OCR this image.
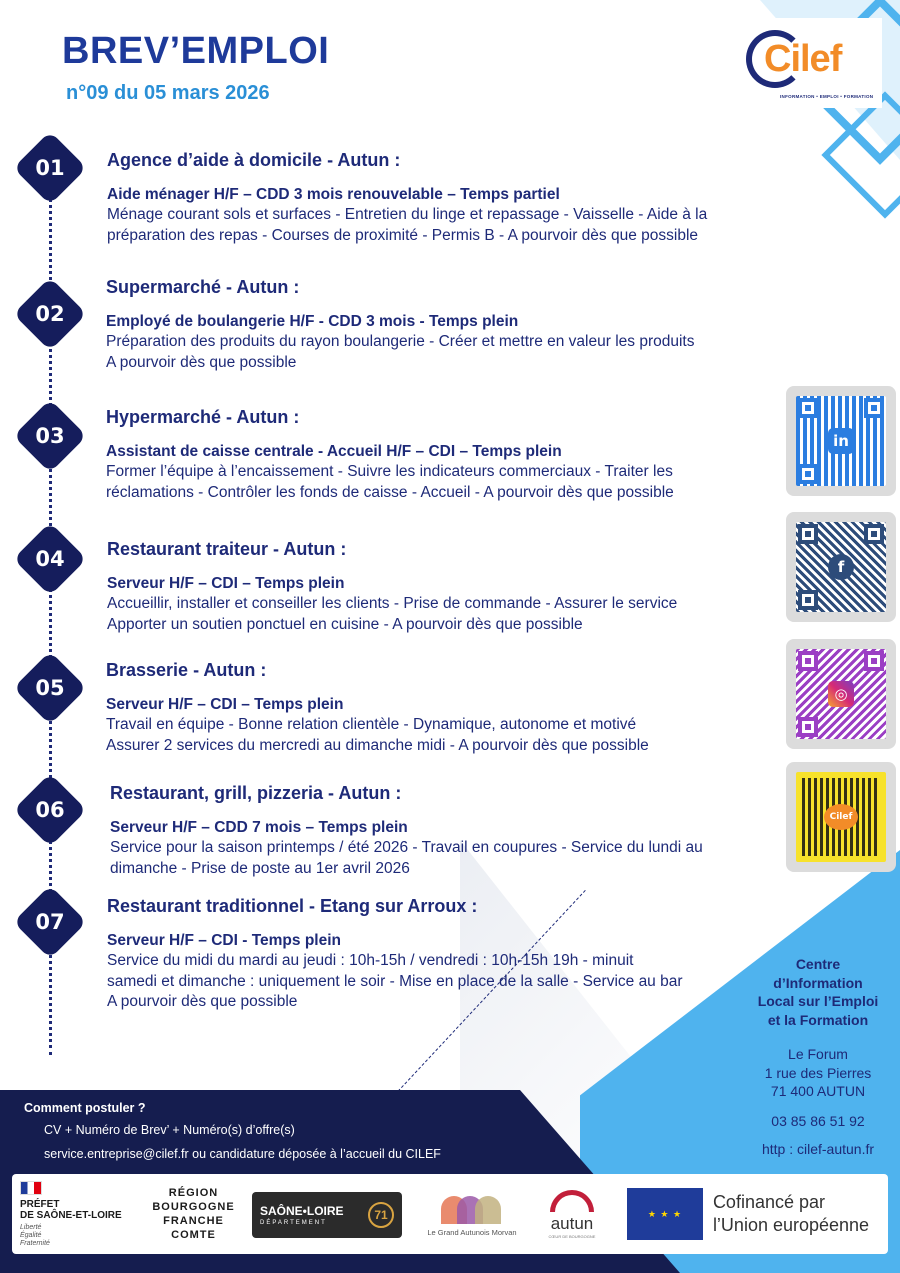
BREV’EMPLOI
n°09 du 05 mars 2026
Cilef
INFORMATION • EMPLOI • FORMATION
01	Agence d’aide à domicile - Autun :
Aide ménager H/F – CDD 3 mois renouvelable – Temps partiel
Ménage courant sols et surfaces - Entretien du linge et repassage - Vaisselle - Aide à la
préparation des repas - Courses de proximité - Permis B - A pourvoir dès que possible
02
Supermarché - Autun :
Employé de boulangerie H/F - CDD 3 mois - Temps plein
Préparation des produits du rayon boulangerie - Créer et mettre en valeur les produits
A pourvoir dès que possible
03
Hypermarché - Autun :
Assistant de caisse centrale - Accueil H/F – CDI – Temps plein
Former l’équipe à l’encaissement - Suivre les indicateurs commerciaux - Traiter les
réclamations - Contrôler les fonds de caisse - Accueil - A pourvoir dès que possible
04	Restaurant traiteur - Autun :
Serveur H/F – CDI – Temps plein
Accueillir, installer et conseiller les clients - Prise de commande - Assurer le service
Apporter un soutien ponctuel en cuisine - A pourvoir dès que possible
05
Brasserie - Autun :
Serveur H/F – CDI – Temps plein
Travail en équipe - Bonne relation clientèle - Dynamique, autonome et motivé
Assurer 2 services du mercredi au dimanche midi - A pourvoir dès que possible
06
Restaurant, grill, pizzeria - Autun :
Serveur H/F – CDD 7 mois – Temps plein
Service pour la saison printemps / été 2026 - Travail en coupures - Service du lundi au
dimanche - Prise de poste au 1er avril 2026
07
Restaurant traditionnel - Etang sur Arroux :
Serveur H/F – CDI - Temps plein
Service du midi du mardi au jeudi : 10h-15h / vendredi : 10h-15h 19h - minuit
samedi et dimanche : uniquement le soir - Mise en place de la salle - Service au bar
A pourvoir dès que possible
in
f
◎
Cilef
Centre
d’Information
Local sur l’Emploi
et la Formation
Le Forum
1 rue des Pierres
71 400 AUTUN
03 85 86 51 92
http : cilef-autun.fr
Comment postuler ?
CV + Numéro de Brev’ + Numéro(s) d’offre(s)
service.entreprise@cilef.fr ou candidature déposée à l’accueil du CILEF
PRÉFET
DE SAÔNE-ET-LOIRE
Liberté
Égalité
Fraternité
RÉGION
BOURGOGNE
FRANCHE
COMTE
SAÔNE•LOIRE
DÉPARTEMENT
71
Le Grand Autunois Morvan autun
CŒUR DE BOURGOGNE
★ ★ ★
Cofinancé par
l’Union européenne
